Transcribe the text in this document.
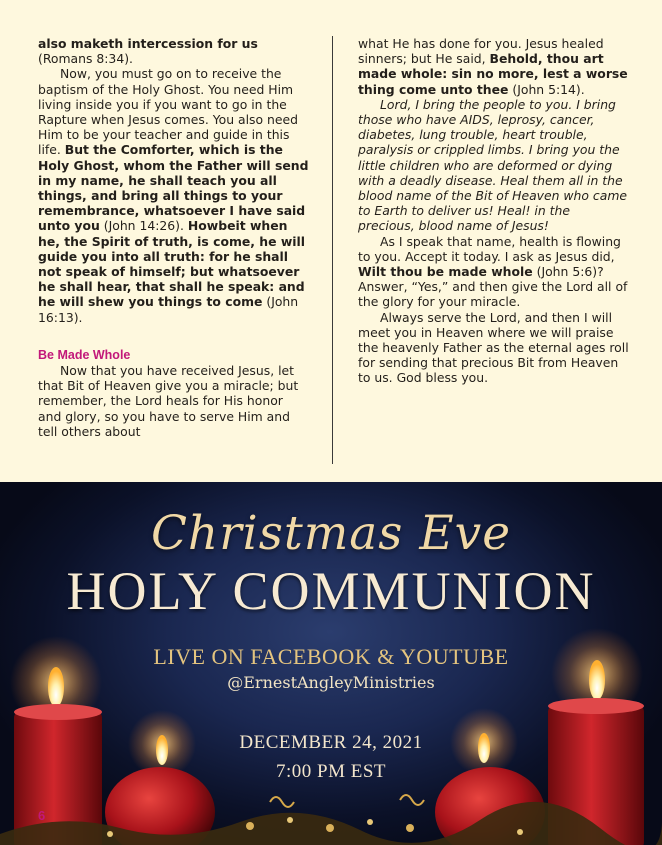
also maketh intercession for us (Romans 8:34).

Now, you must go on to receive the baptism of the Holy Ghost. You need Him living inside you if you want to go in the Rapture when Jesus comes. You also need Him to be your teacher and guide in this life. But the Comforter, which is the Holy Ghost, whom the Father will send in my name, he shall teach you all things, and bring all things to your remembrance, whatsoever I have said unto you (John 14:26). Howbeit when he, the Spirit of truth, is come, he will guide you into all truth: for he shall not speak of himself; but whatsoever he shall hear, that shall he speak: and he will shew you things to come (John 16:13).

Be Made Whole

Now that you have received Jesus, let that Bit of Heaven give you a miracle; but remember, the Lord heals for His honor and glory, so you have to serve Him and tell others about

what He has done for you. Jesus healed sinners; but He said, Behold, thou art made whole: sin no more, lest a worse thing come unto thee (John 5:14).

Lord, I bring the people to you. I bring those who have AIDS, leprosy, cancer, diabetes, lung trouble, heart trouble, paralysis or crippled limbs. I bring you the little children who are deformed or dying with a deadly disease. Heal them all in the blood name of the Bit of Heaven who came to Earth to deliver us! Heal! in the precious, blood name of Jesus!

As I speak that name, health is flowing to you. Accept it today. I ask as Jesus did, Wilt thou be made whole (John 5:6)? Answer, “Yes,” and then give the Lord all of the glory for your miracle.

Always serve the Lord, and then I will meet you in Heaven where we will praise the heavenly Father as the eternal ages roll for sending that precious Bit from Heaven to us. God bless you.

Christmas Eve
HOLY COMMUNION
LIVE ON FACEBOOK & YOUTUBE
@ErnestAngleyMinistries
DECEMBER 24, 2021
7:00 PM EST
6
